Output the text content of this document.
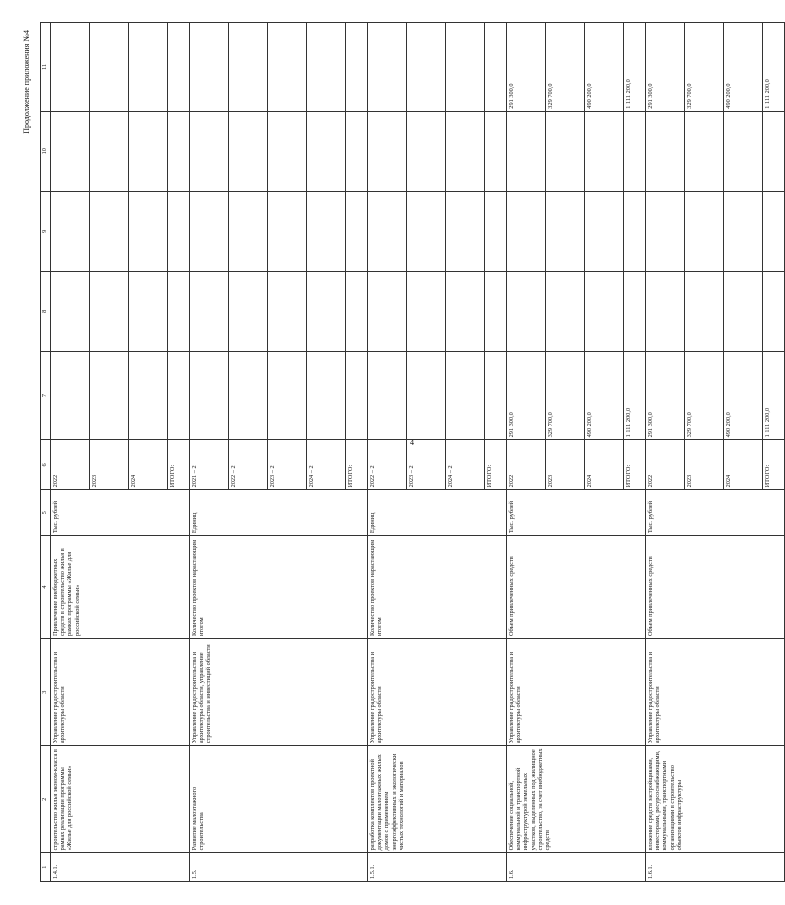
4
Продолжение приложения №4
1	2	3	4	5	6	7	8	9	10	11
1.4.1.	строительство жилья эконом-класса в рамках реализации программы «Жилье для российской семьи»	Управление градостроительства и архитектуры области	Привлечение внебюджетных средств в строительство жилья в рамках программы «Жилье для российской семьи»	Тыс. рублей	2022					
					2023					
					2024					
					ИТОГО:					
1.5.	Развитие малоэтажного строительства	Управление градостроительства и архитектуры области, управление строительства и инвестиций области	Количество проектов нарастающим итогом	Единиц	2021 – 2					
					2022 – 2					
					2023 – 2					
					2024 – 2					
					ИТОГО:					
1.5.1.	разработка комплектов проектной документации малоэтажных жилых домов с применением энергоэффективных и экологически чистых технологий и материалов	Управление градостроительства и архитектуры области	Количество проектов нарастающим итогом	Единиц	2022 – 2					
					2023 – 2					
					2024 – 2					
					ИТОГО:					
1.6.	Обеспечение социальной, коммунальной и транспортной инфраструктурой земельных участков, выделенных под жилищное строительство, за счет внебюджетных средств	Управление градостроительства и архитектуры области	Объем привлеченных средств	Тыс. рублей	2022	291 300,0				291 300,0
					2023	329 700,0				329 700,0
					2024	490 200,0				490 200,0
					ИТОГО:	1 111 200,0				1 111 200,0
1.6.1.	вложение средств застройщиками, инвесторами, ресурсоснабжающими, коммунальными, транспортными организациями в строительство объектов инфраструктуры	Управление градостроительства и архитектуры области	Объем привлеченных средств	Тыс. рублей	2022	291 300,0				291 300,0
					2023	329 700,0				329 700,0
					2024	490 200,0				490 200,0
					ИТОГО:	1 111 200,0				1 111 200,0
